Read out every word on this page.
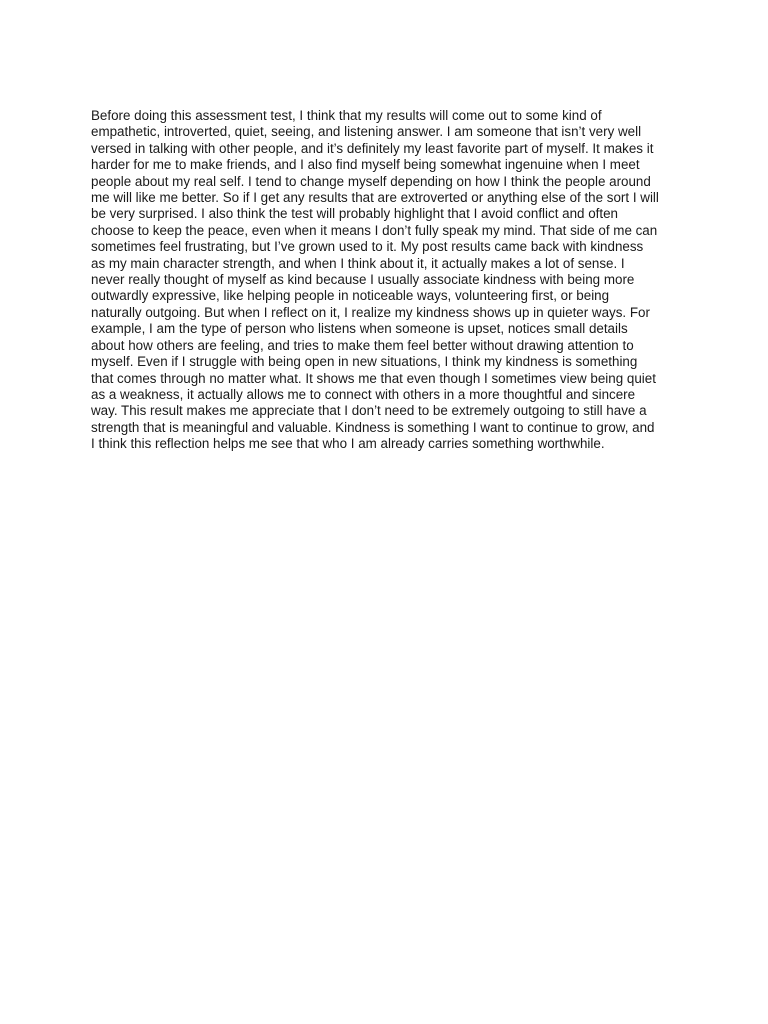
Before doing this assessment test, I think that my results will come out to some kind of
empathetic, introverted, quiet, seeing, and listening answer. I am someone that isn’t very well
versed in talking with other people, and it’s definitely my least favorite part of myself. It makes it
harder for me to make friends, and I also find myself being somewhat ingenuine when I meet
people about my real self. I tend to change myself depending on how I think the people around
me will like me better. So if I get any results that are extroverted or anything else of the sort I will
be very surprised. I also think the test will probably highlight that I avoid conflict and often
choose to keep the peace, even when it means I don’t fully speak my mind. That side of me can
sometimes feel frustrating, but I’ve grown used to it. My post results came back with kindness
as my main character strength, and when I think about it, it actually makes a lot of sense. I
never really thought of myself as kind because I usually associate kindness with being more
outwardly expressive, like helping people in noticeable ways, volunteering first, or being
naturally outgoing. But when I reflect on it, I realize my kindness shows up in quieter ways. For
example, I am the type of person who listens when someone is upset, notices small details
about how others are feeling, and tries to make them feel better without drawing attention to
myself. Even if I struggle with being open in new situations, I think my kindness is something
that comes through no matter what. It shows me that even though I sometimes view being quiet
as a weakness, it actually allows me to connect with others in a more thoughtful and sincere
way. This result makes me appreciate that I don’t need to be extremely outgoing to still have a
strength that is meaningful and valuable. Kindness is something I want to continue to grow, and
I think this reflection helps me see that who I am already carries something worthwhile.
